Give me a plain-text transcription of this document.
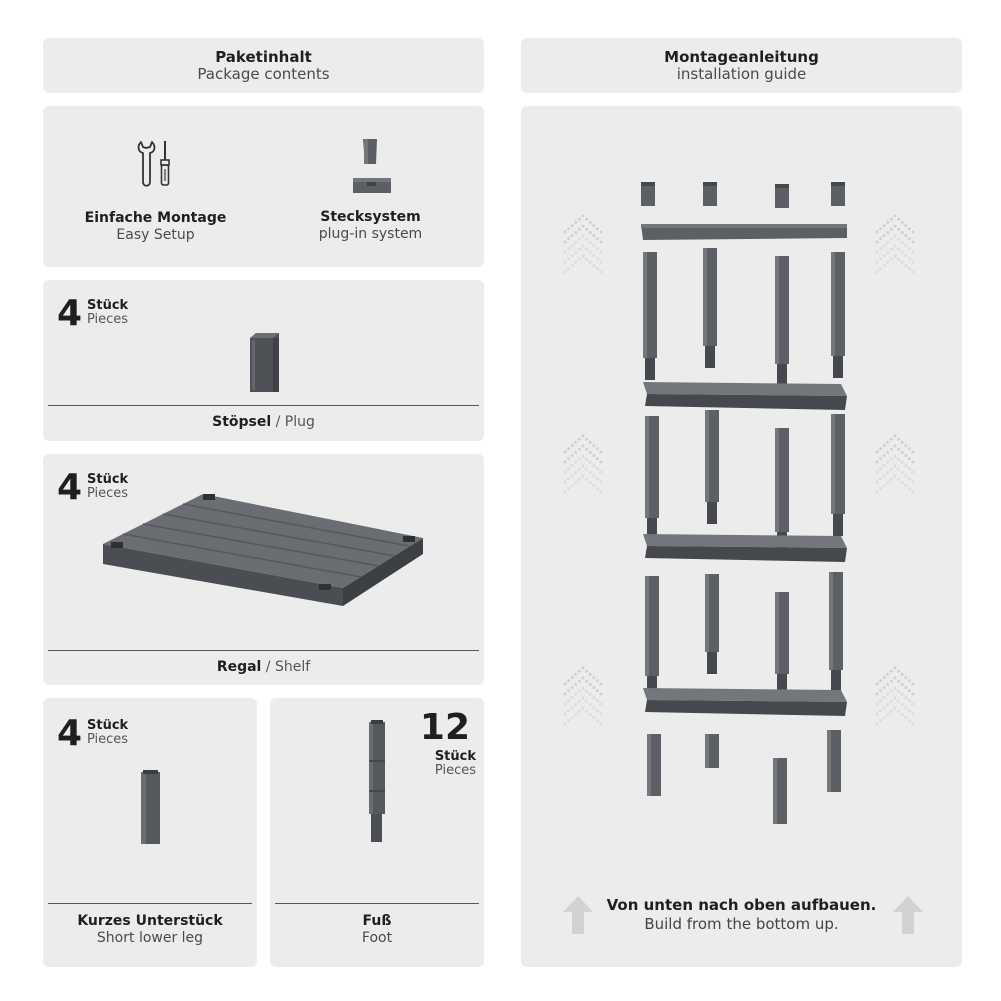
Paketinhalt
Package contents
Einfache Montage
Easy Setup
Stecksystem
plug-in system
4 Stück
Pieces
Stöpsel / Plug
4 Stück
Pieces
Regal / Shelf
4 Stück
Pieces
Kurzes Unterstück
Short lower leg
12
Stück
Pieces
Fuß
Foot
Montageanleitung
installation guide
Von unten nach oben aufbauen.
Build from the bottom up.
